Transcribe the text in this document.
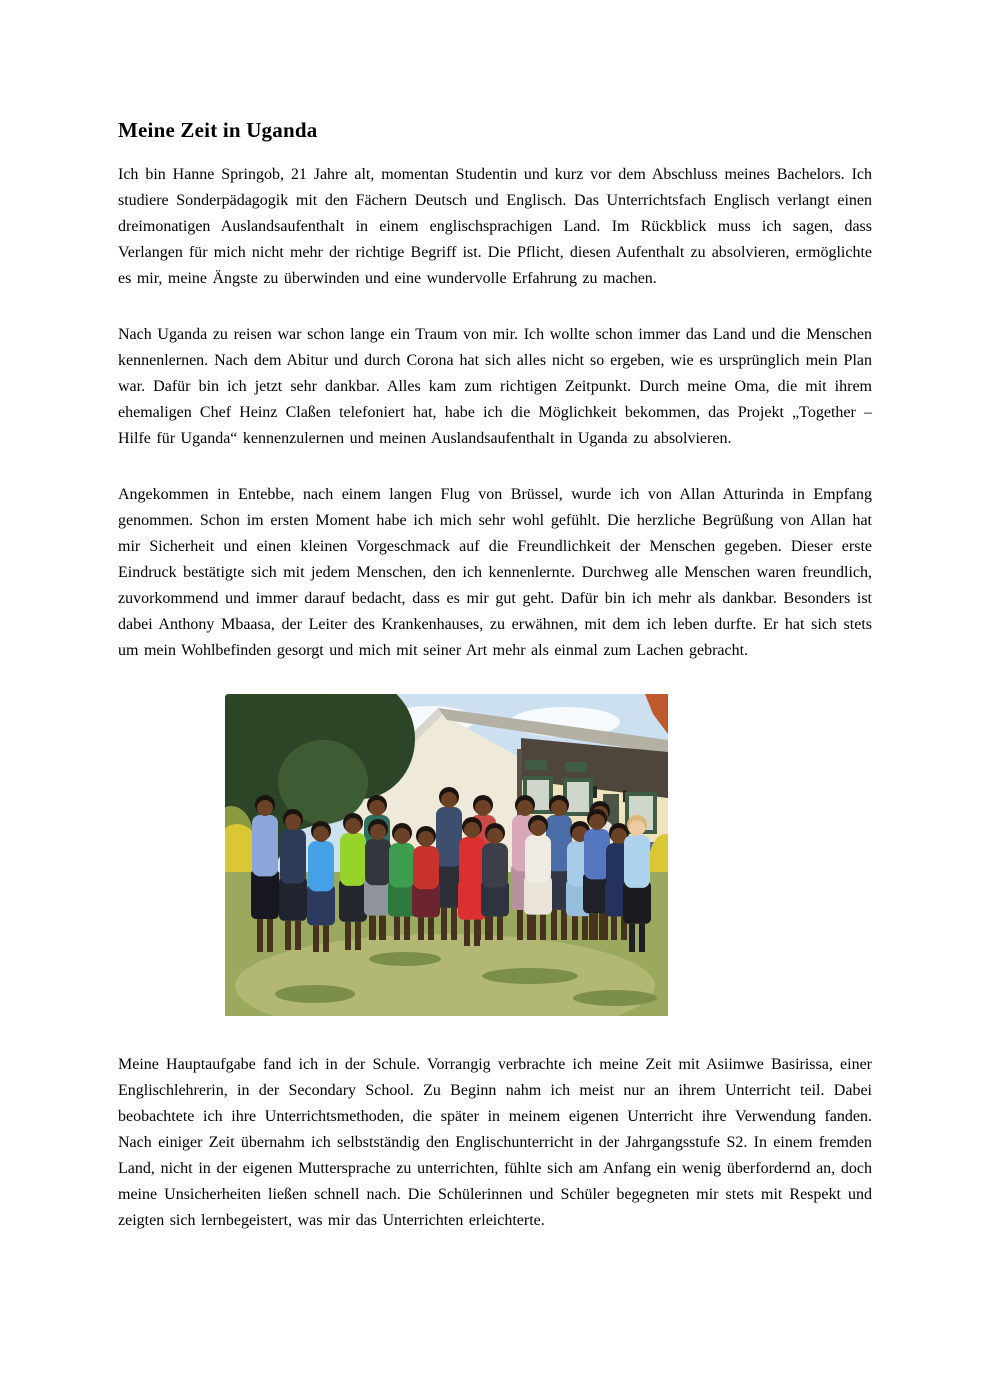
Meine Zeit in Uganda

Ich bin Hanne Springob, 21 Jahre alt, momentan Studentin und kurz vor dem Abschluss meines Bachelors. Ich studiere Sonderpädagogik mit den Fächern Deutsch und Englisch. Das Unterrichtsfach Englisch verlangt einen dreimonatigen Auslandsaufenthalt in einem englischsprachigen Land. Im Rückblick muss ich sagen, dass Verlangen für mich nicht mehr der richtige Begriff ist. Die Pflicht, diesen Aufenthalt zu absolvieren, ermöglichte es mir, meine Ängste zu überwinden und eine wundervolle Erfahrung zu machen.

Nach Uganda zu reisen war schon lange ein Traum von mir. Ich wollte schon immer das Land und die Menschen kennenlernen. Nach dem Abitur und durch Corona hat sich alles nicht so ergeben, wie es ursprünglich mein Plan war. Dafür bin ich jetzt sehr dankbar. Alles kam zum richtigen Zeitpunkt. Durch meine Oma, die mit ihrem ehemaligen Chef Heinz Claßen telefoniert hat, habe ich die Möglichkeit bekommen, das Projekt „Together – Hilfe für Uganda“ kennenzulernen und meinen Auslandsaufenthalt in Uganda zu absolvieren.

Angekommen in Entebbe, nach einem langen Flug von Brüssel, wurde ich von Allan Atturinda in Empfang genommen. Schon im ersten Moment habe ich mich sehr wohl gefühlt. Die herzliche Begrüßung von Allan hat mir Sicherheit und einen kleinen Vorgeschmack auf die Freundlichkeit der Menschen gegeben. Dieser erste Eindruck bestätigte sich mit jedem Menschen, den ich kennenlernte. Durchweg alle Menschen waren freundlich, zuvorkommend und immer darauf bedacht, dass es mir gut geht. Dafür bin ich mehr als dankbar. Besonders ist dabei Anthony Mbaasa, der Leiter des Krankenhauses, zu erwähnen, mit dem ich leben durfte. Er hat sich stets um mein Wohlbefinden gesorgt und mich mit seiner Art mehr als einmal zum Lachen gebracht.

Meine Hauptaufgabe fand ich in der Schule. Vorrangig verbrachte ich meine Zeit mit Asiimwe Basirissa, einer Englischlehrerin, in der Secondary School. Zu Beginn nahm ich meist nur an ihrem Unterricht teil. Dabei beobachtete ich ihre Unterrichtsmethoden, die später in meinem eigenen Unterricht ihre Verwendung fanden. Nach einiger Zeit übernahm ich selbstständig den Englischunterricht in der Jahrgangsstufe S2. In einem fremden Land, nicht in der eigenen Muttersprache zu unterrichten, fühlte sich am Anfang ein wenig überfordernd an, doch meine Unsicherheiten ließen schnell nach. Die Schülerinnen und Schüler begegneten mir stets mit Respekt und zeigten sich lernbegeistert, was mir das Unterrichten erleichterte.
